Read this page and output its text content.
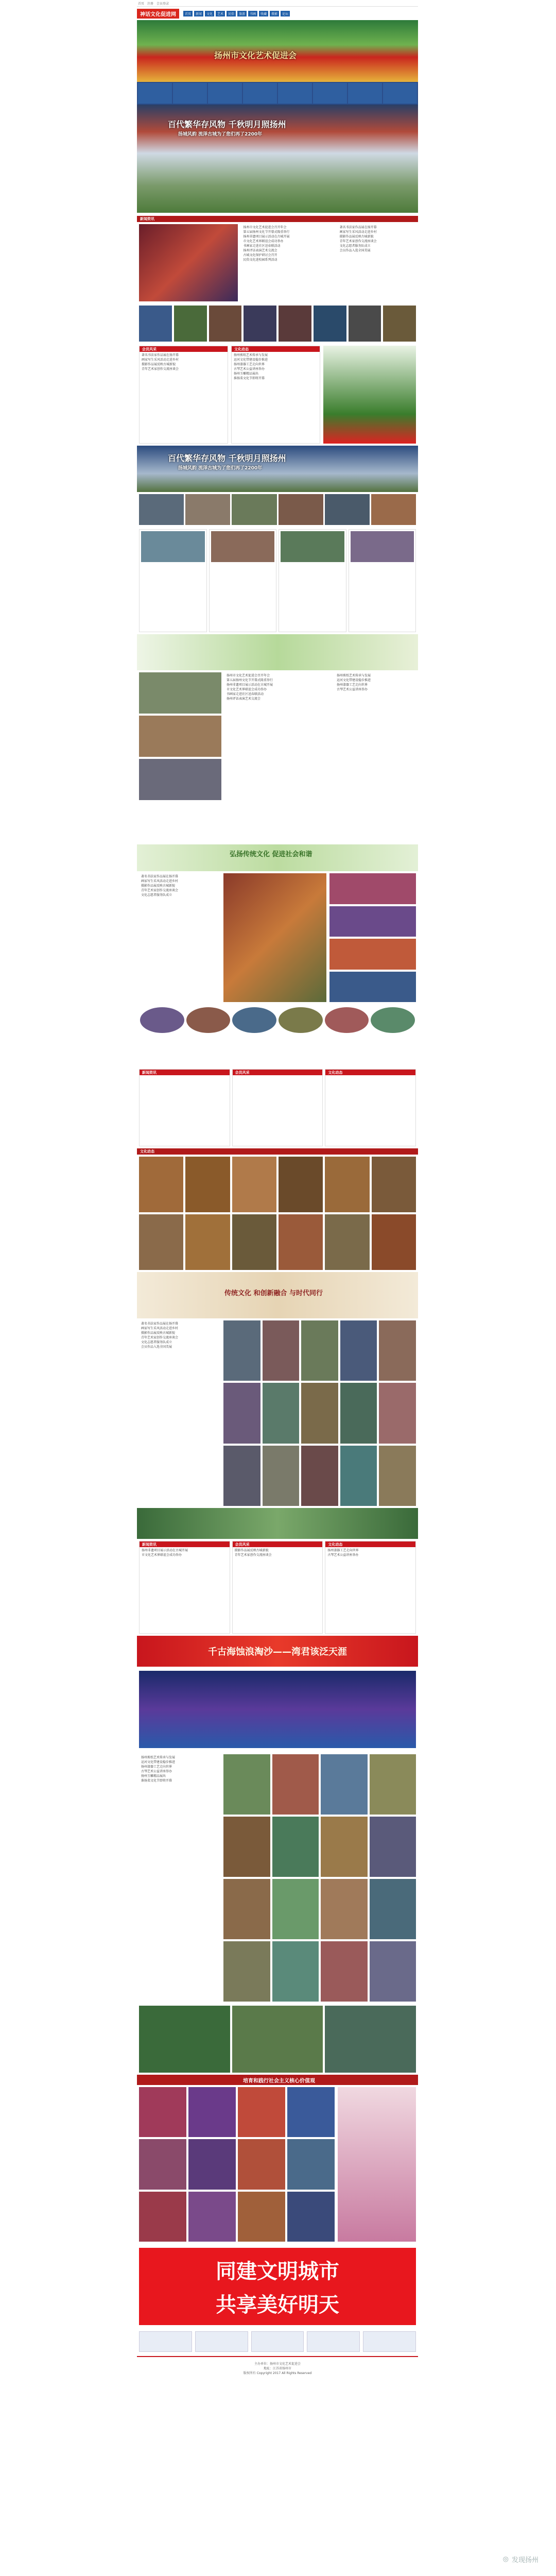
首页 注册 会员登录
神话文化促进网	首页	新闻	文化	艺术	民俗	旅游	书画	收藏	摄影	论坛
扬州市文化艺术促进会
百代繁华存风物 千秋明月照扬州
扬城风韵 流泽古城为了您们再了2200年
新闻资讯
扬州市文化艺术促进会召开年会
第五届扬州文化节开幕式隆重举行
扬州非遗项目展示活动在古城开展
市文化艺术界联谊会成功举办
书画家走进社区送春联活动
扬州评话表演艺术交流会
古城文化保护研讨会召开
民俗文化进校园系列活动
著名书法家作品展在扬开幕
画家写生采风活动走进乡村
摄影作品展反映古城新貌
青年艺术家创作交流座谈会
文化志愿者服务队成立
会员作品入选全国美展
会员风采
著名书法家作品展在扬开幕
画家写生采风活动走进乡村
摄影作品展反映古城新貌
青年艺术家创作交流座谈会
文化动态
扬州剪纸艺术传承与发展
运河文化带建设稳步推进
扬州漆器工艺走向世界
古琴艺术公益讲座举办
扬州玉雕精品展出
淮扬菜文化节即将开幕
百代繁华存风物 千秋明月照扬州
扬城风韵 流泽古城为了您们再了2200年
扬州市文化艺术促进会召开年会
第五届扬州文化节开幕式隆重举行
扬州非遗项目展示活动在古城开展
市文化艺术界联谊会成功举办
书画家走进社区送春联活动
扬州评话表演艺术交流会
扬州剪纸艺术传承与发展
运河文化带建设稳步推进
扬州漆器工艺走向世界
古琴艺术公益讲座举办
弘扬传统文化 促进社会和谐
著名书法家作品展在扬开幕
画家写生采风活动走进乡村
摄影作品展反映古城新貌
青年艺术家创作交流座谈会
文化志愿者服务队成立
新闻资讯	会员风采	文化动态
文化动态
传统文化 和创新融合 与时代同行
著名书法家作品展在扬开幕
画家写生采风活动走进乡村
摄影作品展反映古城新貌
青年艺术家创作交流座谈会
文化志愿者服务队成立
会员作品入选全国美展
新闻资讯
扬州非遗项目展示活动在古城开展
市文化艺术界联谊会成功举办
会员风采
摄影作品展反映古城新貌
青年艺术家创作交流座谈会
文化动态
扬州漆器工艺走向世界
古琴艺术公益讲座举办
千古海蚀浪淘沙——湾君该泛天涯
扬州剪纸艺术传承与发展
运河文化带建设稳步推进
扬州漆器工艺走向世界
古琴艺术公益讲座举办
扬州玉雕精品展出
淮扬菜文化节即将开幕
培育和践行社会主义核心价值观
同建文明城市
共享美好明天
主办单位：扬州市文化艺术促进会
地址：江苏省扬州市
版权所有 Copyright 2017 All Rights Reserved
◎ 发现扬州
